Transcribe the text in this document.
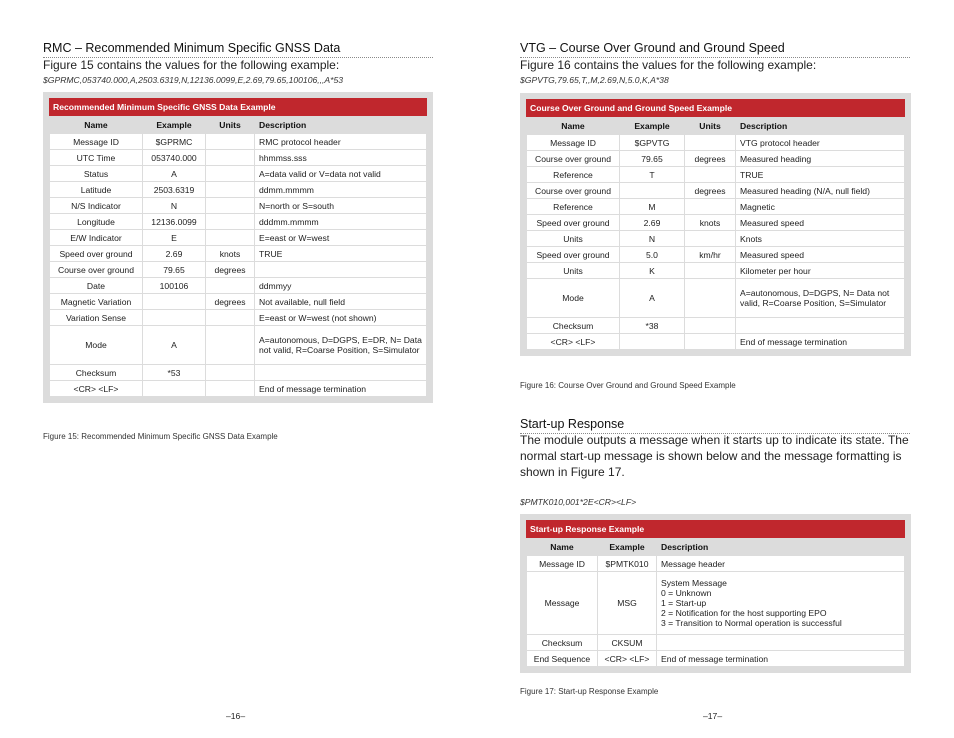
RMC – Recommended Minimum Specific GNSS Data
Figure 15 contains the values for the following example:
$GPRMC,053740.000,A,2503.6319,N,12136.0099,E,2.69,79.65,100106,,,A*53
Recommended Minimum Specific GNSS Data Example
Name	Example	Units	Description
Message ID	$GPRMC		RMC protocol header
UTC Time	053740.000		hhmmss.sss
Status	A		A=data valid or V=data not valid
Latitude	2503.6319		ddmm.mmmm
N/S Indicator	N		N=north or S=south
Longitude	12136.0099		dddmm.mmmm
E/W Indicator	E		E=east or W=west
Speed over ground	2.69	knots	TRUE
Course over ground	79.65	degrees	
Date	100106		ddmmyy
Magnetic Variation		degrees	Not available, null field
Variation Sense			E=east or W=west (not shown)
Mode	A		A=autonomous, D=DGPS, E=DR, N= Data not valid, R=Coarse Position, S=Simulator
Checksum	*53		
<CR> <LF>			End of message termination
Figure 15: Recommended Minimum Specific GNSS Data Example
–16–
VTG – Course Over Ground and Ground Speed
Figure 16 contains the values for the following example:
$GPVTG,79.65,T,,M,2.69,N,5.0,K,A*38
Course Over Ground and Ground Speed Example
Name	Example	Units	Description
Message ID	$GPVTG		VTG protocol header
Course over ground	79.65	degrees	Measured heading
Reference	T		TRUE
Course over ground		degrees	Measured heading (N/A, null field)
Reference	M		Magnetic
Speed over ground	2.69	knots	Measured speed
Units	N		Knots
Speed over ground	5.0	km/hr	Measured speed
Units	K		Kilometer per hour
Mode	A		A=autonomous, D=DGPS, N= Data not valid, R=Coarse Position, S=Simulator
Checksum	*38		
<CR> <LF>			End of message termination
Figure 16: Course Over Ground and Ground Speed Example
Start-up Response
The module outputs a message when it starts up to indicate its state. The normal start-up message is shown below and the message formatting is shown in Figure 17.
$PMTK010,001*2E<CR><LF>
Start-up Response Example
Name	Example	Description
Message ID	$PMTK010	Message header
Message	MSG	System Message
0 = Unknown
1 = Start-up
2 = Notification for the host supporting EPO
3 = Transition to Normal operation is successful
Checksum	CKSUM	
End Sequence	<CR> <LF>	End of message termination
Figure 17: Start-up Response Example
–17–
